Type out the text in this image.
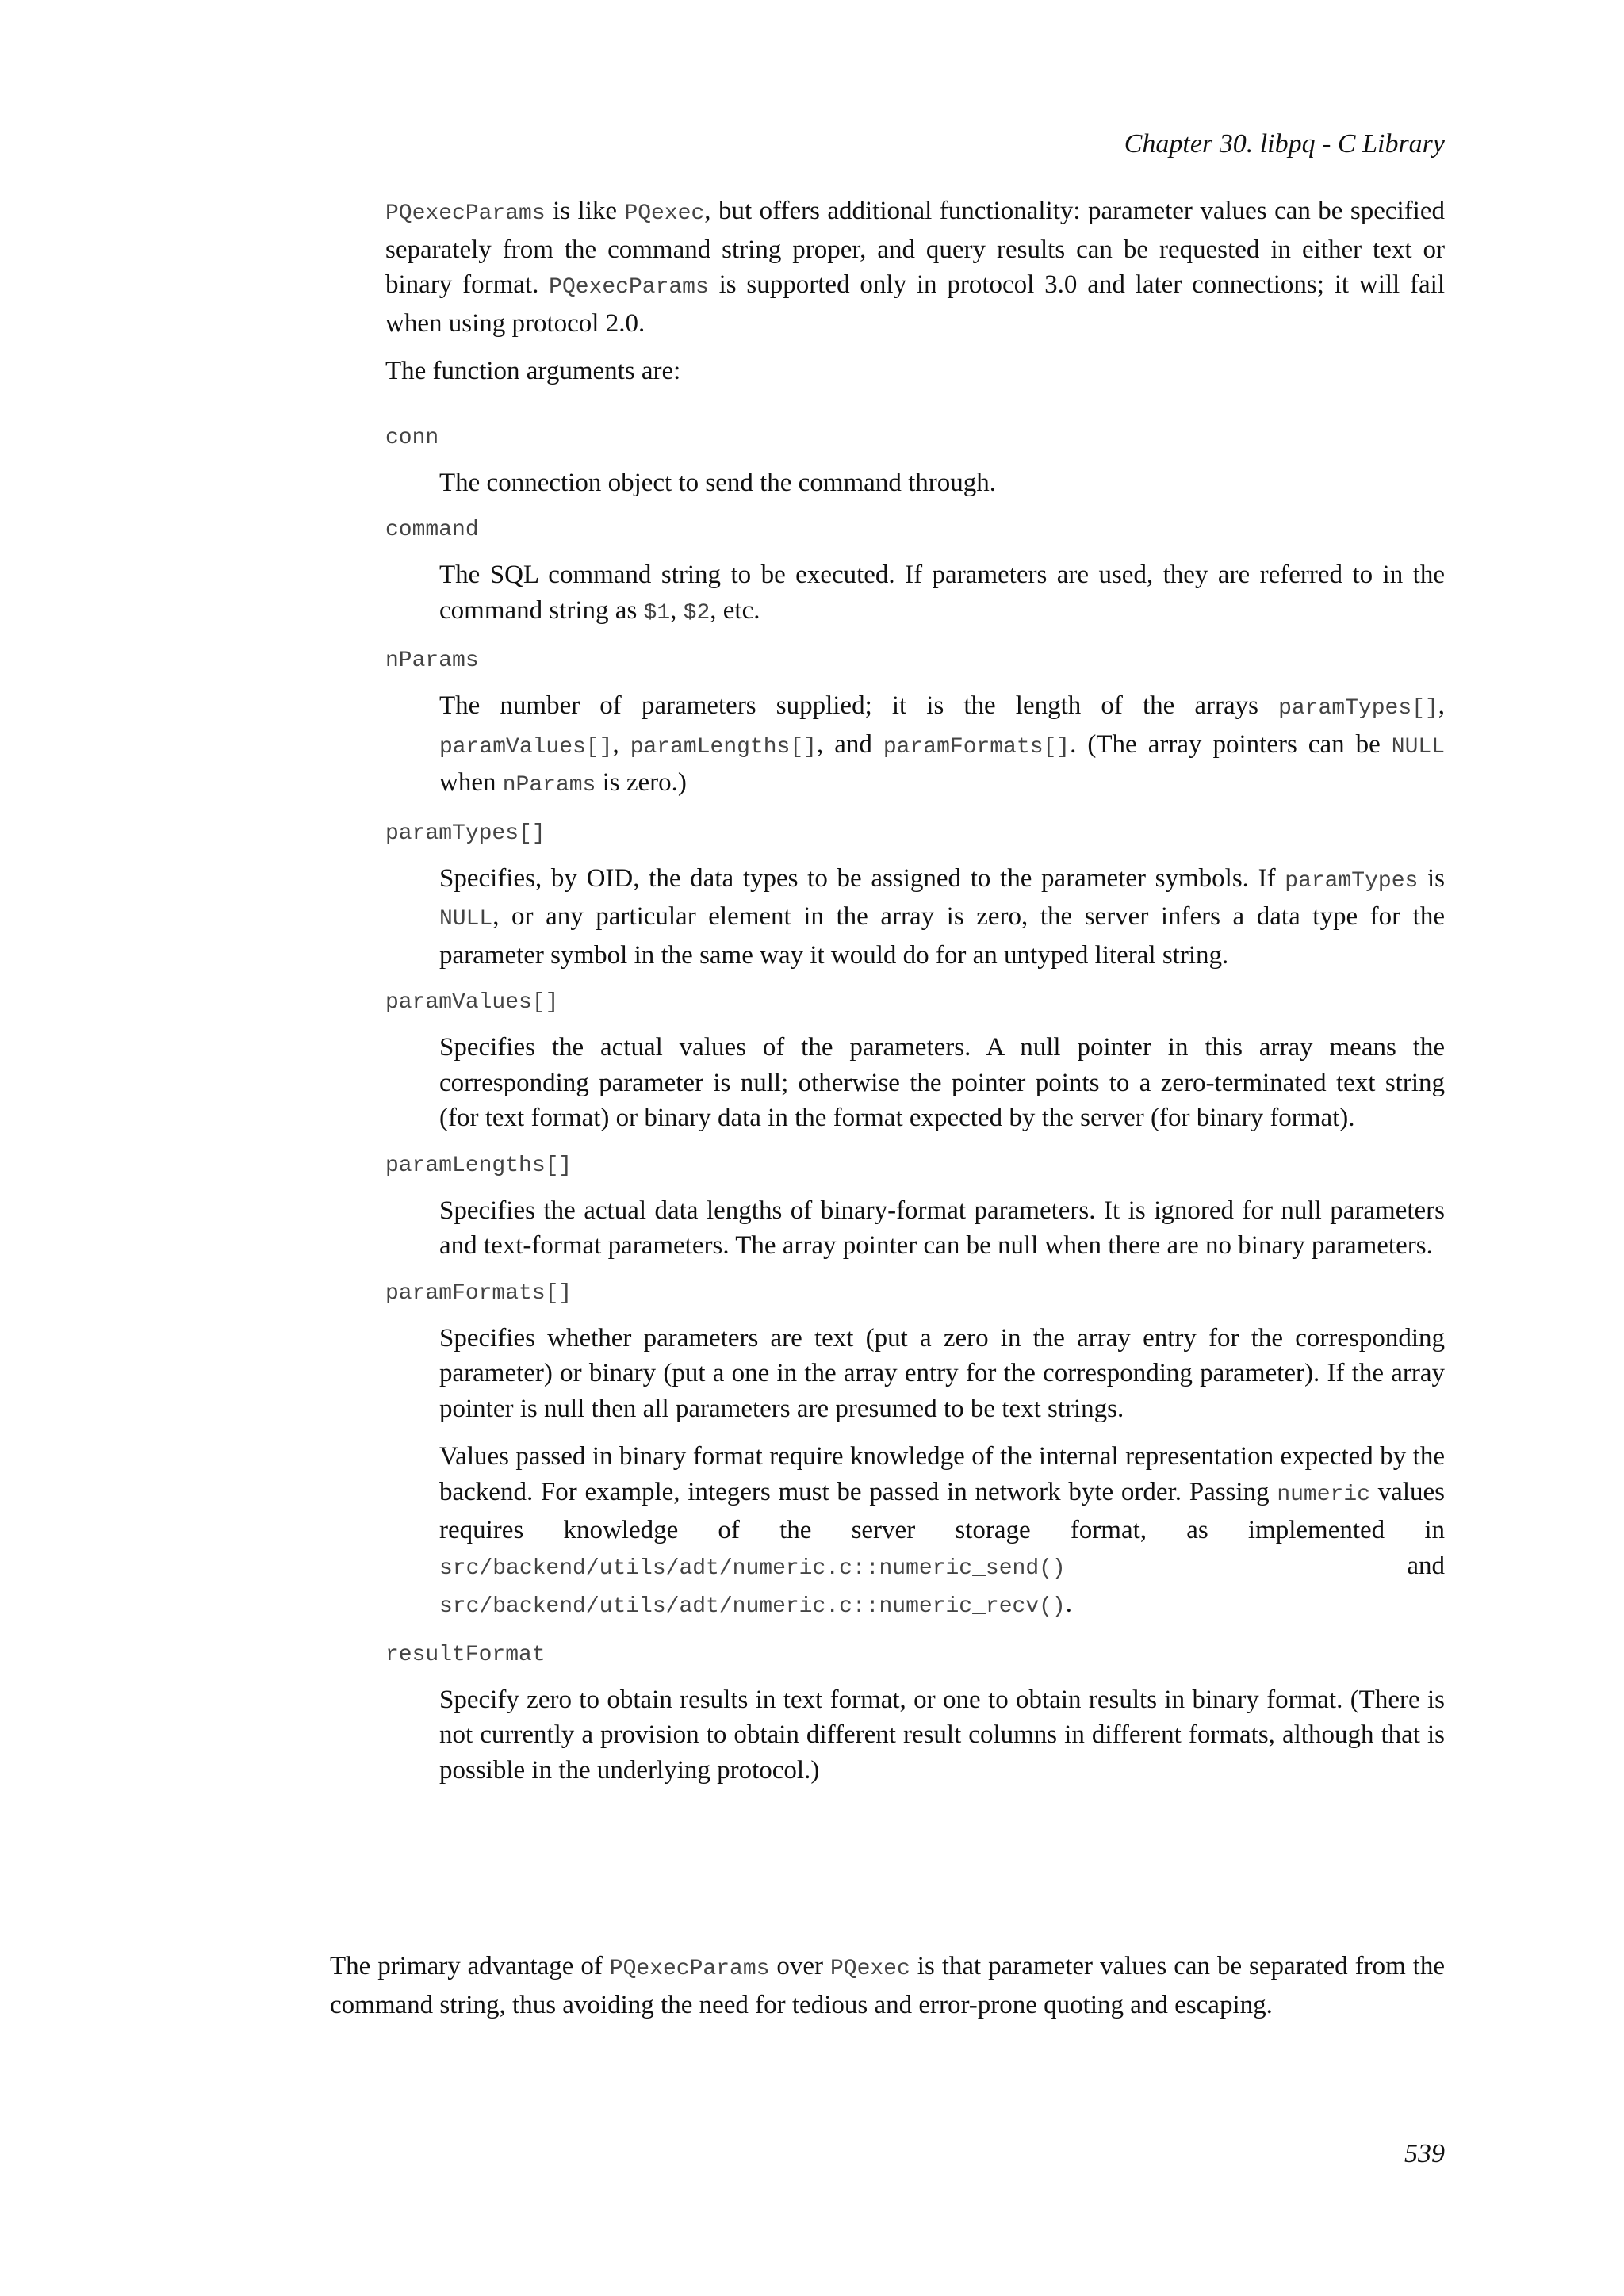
Chapter 30. libpq - C Library

PQexecParams is like PQexec, but offers additional functionality: parameter values can be specified separately from the command string proper, and query results can be requested in either text or binary format. PQexecParams is supported only in protocol 3.0 and later connections; it will fail when using protocol 2.0.

The function arguments are:

conn

The connection object to send the command through.

command

The SQL command string to be executed. If parameters are used, they are referred to in the command string as $1, $2, etc.

nParams

The number of parameters supplied; it is the length of the arrays paramTypes[], paramValues[], paramLengths[], and paramFormats[]. (The array pointers can be NULL when nParams is zero.)

paramTypes[]

Specifies, by OID, the data types to be assigned to the parameter symbols. If paramTypes is NULL, or any particular element in the array is zero, the server infers a data type for the parameter symbol in the same way it would do for an untyped literal string.

paramValues[]

Specifies the actual values of the parameters. A null pointer in this array means the corresponding parameter is null; otherwise the pointer points to a zero-terminated text string (for text format) or binary data in the format expected by the server (for binary format).

paramLengths[]

Specifies the actual data lengths of binary-format parameters. It is ignored for null parameters and text-format parameters. The array pointer can be null when there are no binary parameters.

paramFormats[]

Specifies whether parameters are text (put a zero in the array entry for the corresponding parameter) or binary (put a one in the array entry for the corresponding parameter). If the array pointer is null then all parameters are presumed to be text strings.

Values passed in binary format require knowledge of the internal representation expected by the backend. For example, integers must be passed in network byte order. Passing numeric values requires knowledge of the server storage format, as implemented in src/backend/utils/adt/numeric.c::numeric_send() and src/backend/utils/adt/numeric.c::numeric_recv().

resultFormat

Specify zero to obtain results in text format, or one to obtain results in binary format. (There is not currently a provision to obtain different result columns in different formats, although that is possible in the underlying protocol.)

The primary advantage of PQexecParams over PQexec is that parameter values can be separated from the command string, thus avoiding the need for tedious and error-prone quoting and escaping.

539
